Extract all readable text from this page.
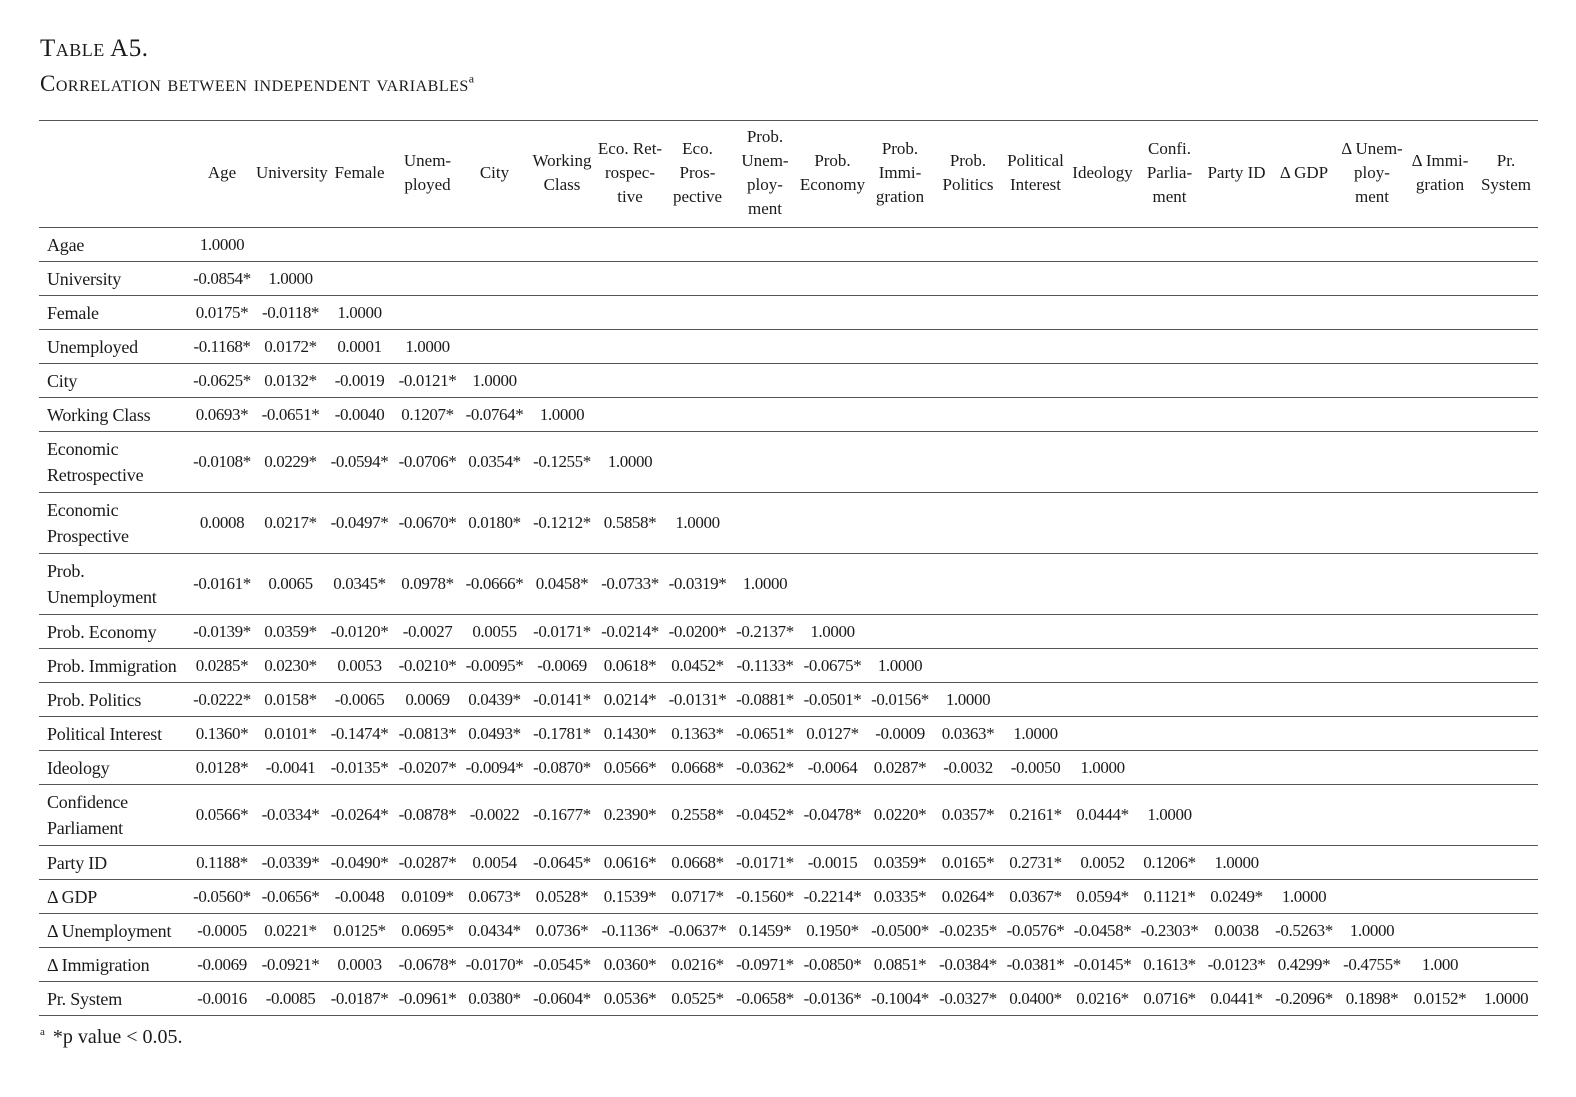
Table A5.
Correlation between independent variables$^a$
	Age	University	Female	Unem-ployed	City	Working Class	Eco. Ret-rospec-tive	Eco. Pros-pective	Prob. Unem-ploy-ment	Prob. Economy	Prob. Immi-gration	Prob. Politics	Political Interest	Ideology	Confi. Parlia-ment	Party ID	Δ GDP	Δ Unem-ploy-ment	Δ Immi-gration	Pr. System
Agae	1.0000																			
University	-0.0854*	1.0000																		
Female	0.0175*	-0.0118*	1.0000																	
Unemployed	-0.1168*	0.0172*	0.0001	1.0000																
City	-0.0625*	0.0132*	-0.0019	-0.0121*	1.0000															
Working Class	0.0693*	-0.0651*	-0.0040	0.1207*	-0.0764*	1.0000														
Economic Retrospective	-0.0108*	0.0229*	-0.0594*	-0.0706*	0.0354*	-0.1255*	1.0000													
Economic Prospective	0.0008	0.0217*	-0.0497*	-0.0670*	0.0180*	-0.1212*	0.5858*	1.0000												
Prob. Unemployment	-0.0161*	0.0065	0.0345*	0.0978*	-0.0666*	0.0458*	-0.0733*	-0.0319*	1.0000											
Prob. Economy	-0.0139*	0.0359*	-0.0120*	-0.0027	0.0055	-0.0171*	-0.0214*	-0.0200*	-0.2137*	1.0000										
Prob. Immigration	0.0285*	0.0230*	0.0053	-0.0210*	-0.0095*	-0.0069	0.0618*	0.0452*	-0.1133*	-0.0675*	1.0000									
Prob. Politics	-0.0222*	0.0158*	-0.0065	0.0069	0.0439*	-0.0141*	0.0214*	-0.0131*	-0.0881*	-0.0501*	-0.0156*	1.0000								
Political Interest	0.1360*	0.0101*	-0.1474*	-0.0813*	0.0493*	-0.1781*	0.1430*	0.1363*	-0.0651*	0.0127*	-0.0009	0.0363*	1.0000							
Ideology	0.0128*	-0.0041	-0.0135*	-0.0207*	-0.0094*	-0.0870*	0.0566*	0.0668*	-0.0362*	-0.0064	0.0287*	-0.0032	-0.0050	1.0000						
Confidence Parliament	0.0566*	-0.0334*	-0.0264*	-0.0878*	-0.0022	-0.1677*	0.2390*	0.2558*	-0.0452*	-0.0478*	0.0220*	0.0357*	0.2161*	0.0444*	1.0000					
Party ID	0.1188*	-0.0339*	-0.0490*	-0.0287*	0.0054	-0.0645*	0.0616*	0.0668*	-0.0171*	-0.0015	0.0359*	0.0165*	0.2731*	0.0052	0.1206*	1.0000				
Δ GDP	-0.0560*	-0.0656*	-0.0048	0.0109*	0.0673*	0.0528*	0.1539*	0.0717*	-0.1560*	-0.2214*	0.0335*	0.0264*	0.0367*	0.0594*	0.1121*	0.0249*	1.0000			
Δ Unemployment	-0.0005	0.0221*	0.0125*	0.0695*	0.0434*	0.0736*	-0.1136*	-0.0637*	0.1459*	0.1950*	-0.0500*	-0.0235*	-0.0576*	-0.0458*	-0.2303*	0.0038	-0.5263*	1.0000		
Δ Immigration	-0.0069	-0.0921*	0.0003	-0.0678*	-0.0170*	-0.0545*	0.0360*	0.0216*	-0.0971*	-0.0850*	0.0851*	-0.0384*	-0.0381*	-0.0145*	0.1613*	-0.0123*	0.4299*	-0.4755*	1.000	
Pr. System	-0.0016	-0.0085	-0.0187*	-0.0961*	0.0380*	-0.0604*	0.0536*	0.0525*	-0.0658*	-0.0136*	-0.1004*	-0.0327*	0.0400*	0.0216*	0.0716*	0.0441*	-0.2096*	0.1898*	0.0152*	1.0000
$^a$ *p value < 0.05.
